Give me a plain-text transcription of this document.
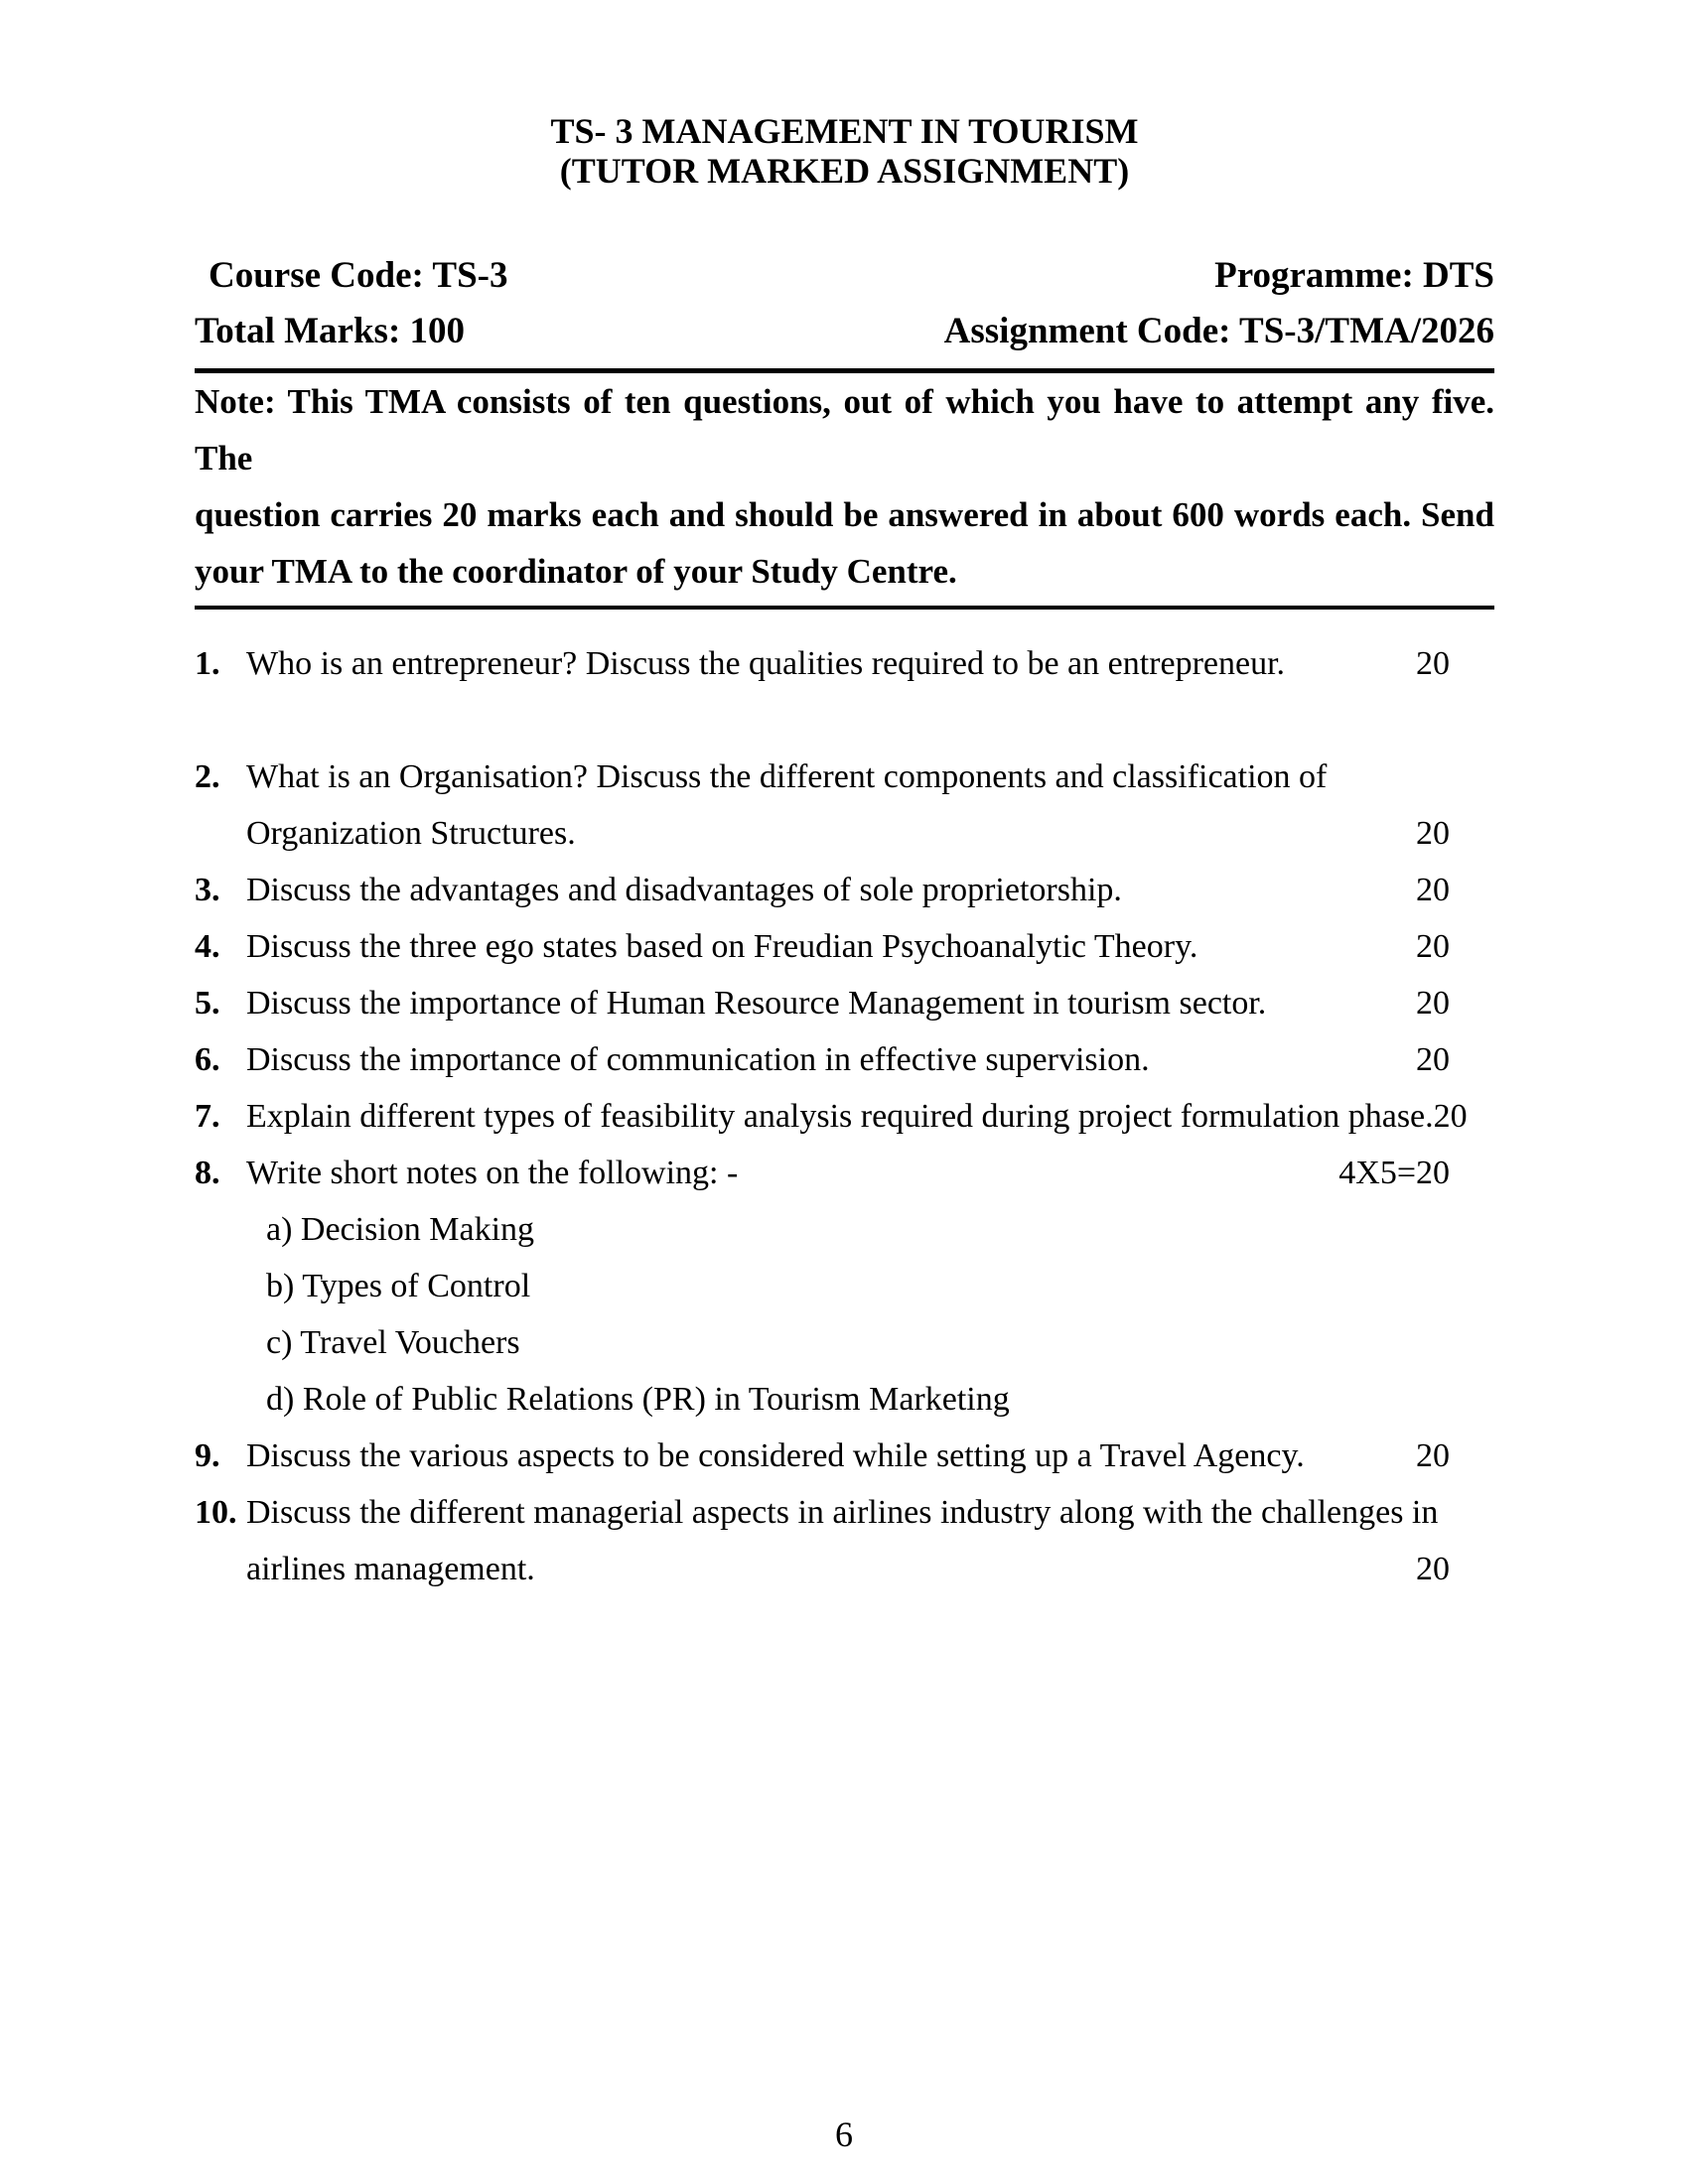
TS- 3 MANAGEMENT IN TOURISM
(TUTOR MARKED ASSIGNMENT)
Course Code: TS-3	Programme: DTS
Total Marks: 100	Assignment Code: TS-3/TMA/2026
Note: This TMA consists of ten questions, out of which you have to attempt any five. The
question carries 20 marks each and should be answered in about 600 words each. Send
your TMA to the coordinator of your Study Centre.
1. Who is an entrepreneur? Discuss the qualities required to be an entrepreneur.	20
2. What is an Organisation? Discuss the different components and classification of
Organization Structures.	20
3. Discuss the advantages and disadvantages of sole proprietorship.	20
4. Discuss the three ego states based on Freudian Psychoanalytic Theory.	20
5. Discuss the importance of Human Resource Management in tourism sector.	20
6. Discuss the importance of communication in effective supervision.	20
7. Explain different types of feasibility analysis required during project formulation phase.20
8. Write short notes on the following: -	4X5=20
a) Decision Making
b) Types of Control
c) Travel Vouchers
d) Role of Public Relations (PR) in Tourism Marketing
9. Discuss the various aspects to be considered while setting up a Travel Agency.	20
10. Discuss the different managerial aspects in airlines industry along with the challenges in
airlines management.	20
6
